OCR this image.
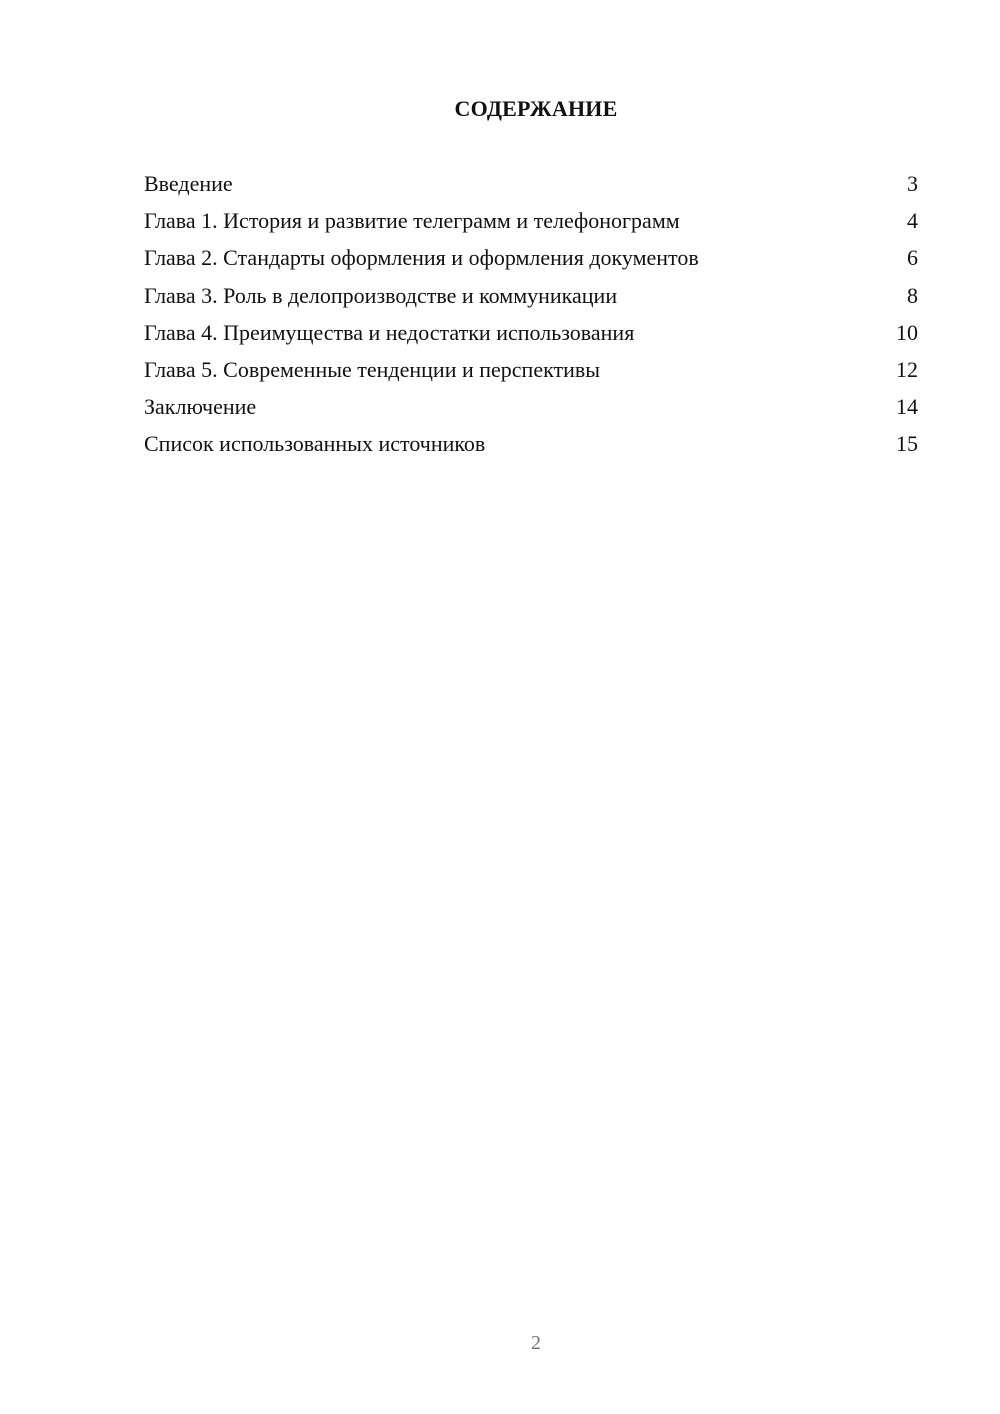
СОДЕРЖАНИЕ
Введение	3
Глава 1. История и развитие телеграмм и телефонограмм	4
Глава 2. Стандарты оформления и оформления документов	6
Глава 3. Роль в делопроизводстве и коммуникации	8
Глава 4. Преимущества и недостатки использования	10
Глава 5. Современные тенденции и перспективы	12
Заключение	14
Список использованных источников	15
2
